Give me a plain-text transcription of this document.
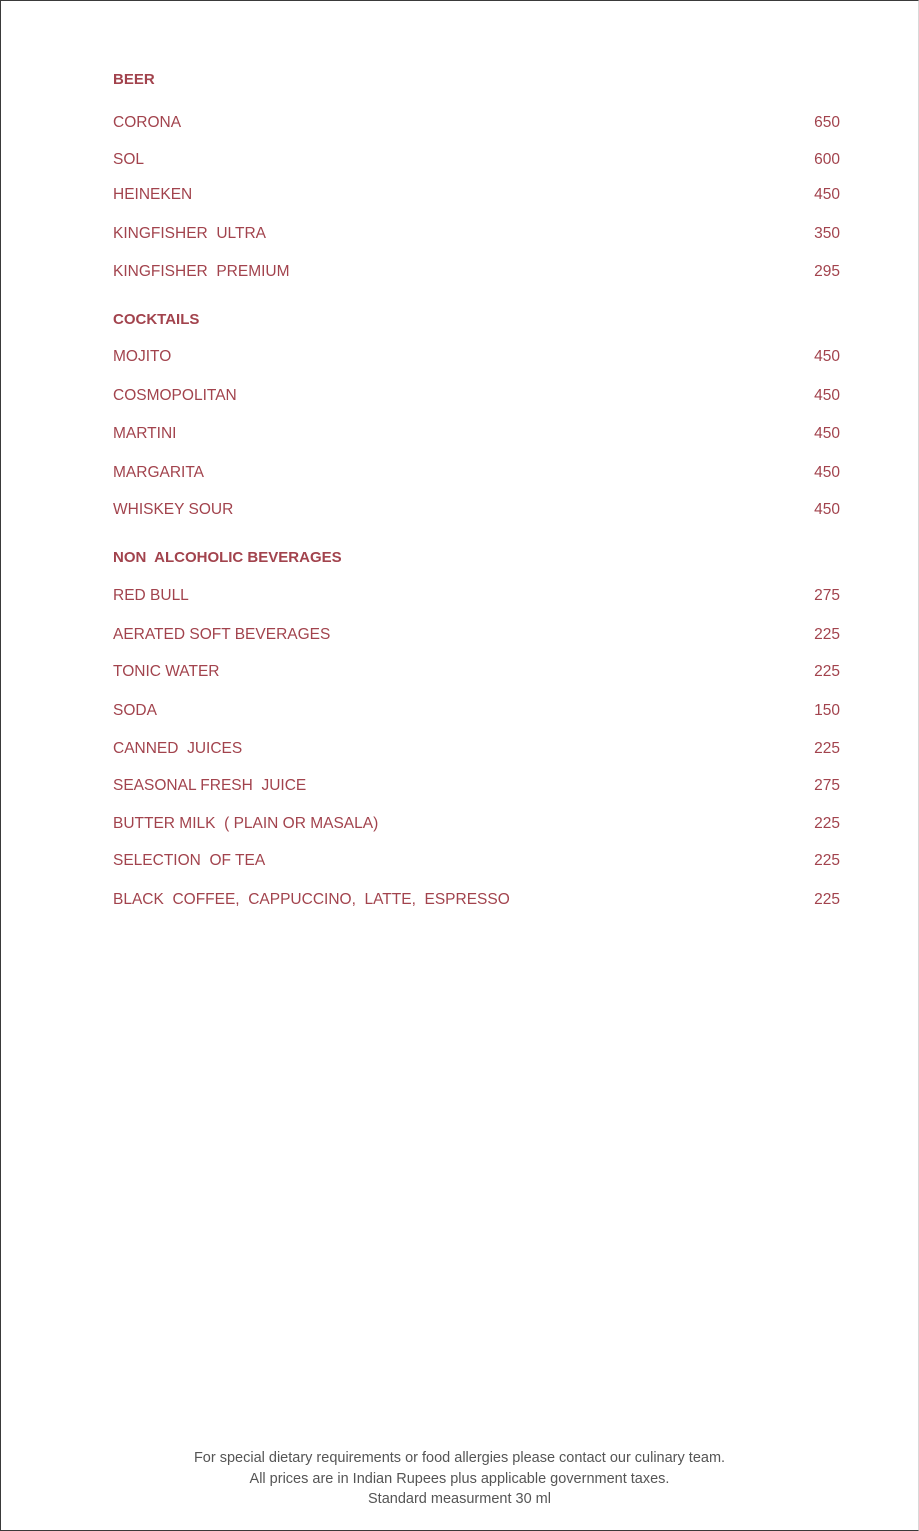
BEER
CORONA	650
SOL	600
HEINEKEN	450
KINGFISHER  ULTRA	350
KINGFISHER  PREMIUM	295
COCKTAILS
MOJITO	450
COSMOPOLITAN	450
MARTINI	450
MARGARITA	450
WHISKEY SOUR	450
NON  ALCOHOLIC BEVERAGES
RED BULL	275
AERATED SOFT BEVERAGES	225
TONIC WATER	225
SODA	150
CANNED  JUICES	225
SEASONAL FRESH  JUICE	275
BUTTER MILK  ( PLAIN OR MASALA)	225
SELECTION  OF TEA	225
BLACK  COFFEE,  CAPPUCCINO,  LATTE,  ESPRESSO	225
For special dietary requirements or food allergies please contact our culinary team.
All prices are in Indian Rupees plus applicable government taxes.
Standard measurment 30 ml
